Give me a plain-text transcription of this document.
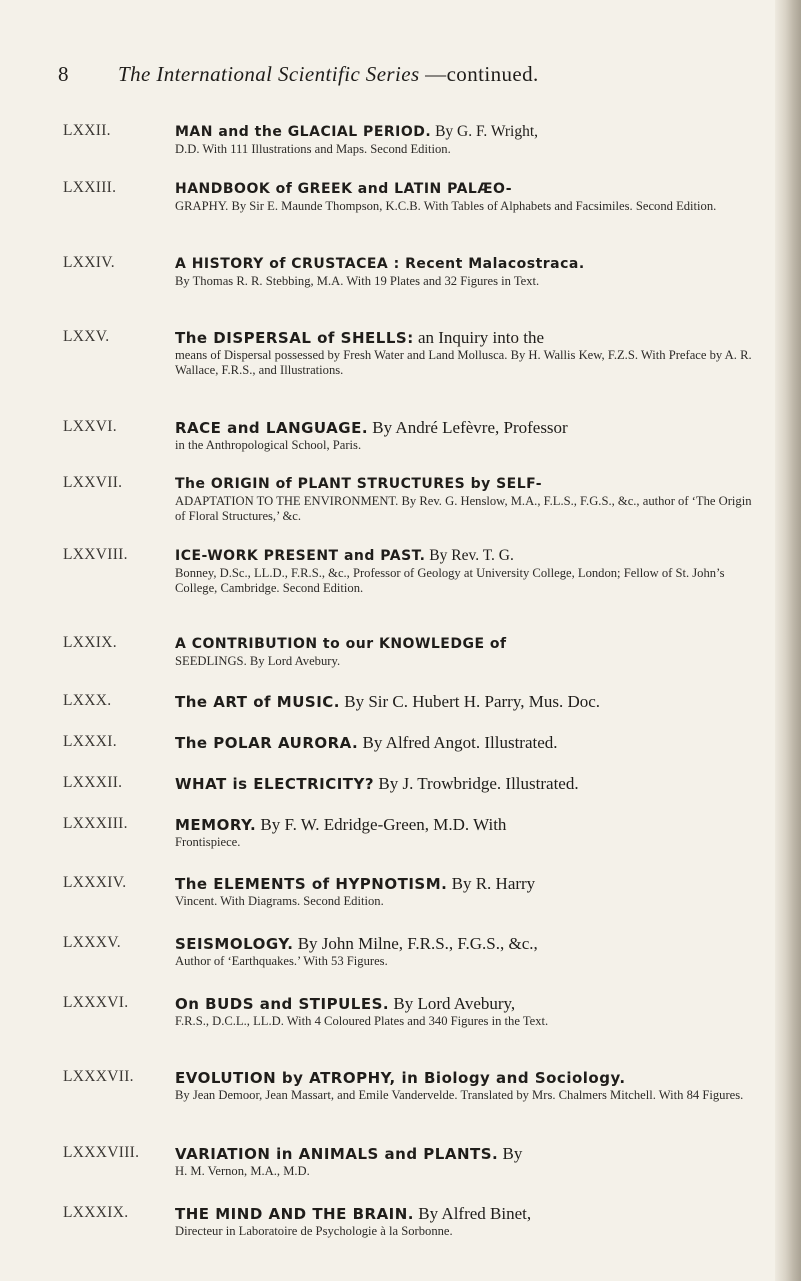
8 The International Scientific Series —continued.
LXXII.	MAN and the GLACIAL PERIOD. By G. F. Wright,
D.D. With 111 Illustrations and Maps. Second Edition.
LXXIII.	HANDBOOK of GREEK and LATIN PALÆO-
GRAPHY. By Sir E. Maunde Thompson, K.C.B. With Tables of Alphabets and Facsimiles. Second Edition.
LXXIV.	A HISTORY of CRUSTACEA : Recent Malacostraca.
By Thomas R. R. Stebbing, M.A. With 19 Plates and 32 Figures in Text.
LXXV.	The DISPERSAL of SHELLS: an Inquiry into the
means of Dispersal possessed by Fresh Water and Land Mollusca. By H. Wallis Kew, F.Z.S. With Preface by A. R. Wallace, F.R.S., and Illustrations.
LXXVI.	RACE and LANGUAGE. By André Lefèvre, Professor
in the Anthropological School, Paris.
LXXVII.	The ORIGIN of PLANT STRUCTURES by SELF-
ADAPTATION TO THE ENVIRONMENT. By Rev. G. Henslow, M.A., F.L.S., F.G.S., &c., author of ‘The Origin of Floral Structures,’ &c.
LXXVIII.	ICE-WORK PRESENT and PAST. By Rev. T. G.
Bonney, D.Sc., LL.D., F.R.S., &c., Professor of Geology at University College, London; Fellow of St. John’s College, Cambridge. Second Edition.
LXXIX.	A CONTRIBUTION to our KNOWLEDGE of
SEEDLINGS. By Lord Avebury.
LXXX.	The ART of MUSIC. By Sir C. Hubert H. Parry, Mus. Doc.
LXXXI.	The POLAR AURORA. By Alfred Angot. Illustrated.
LXXXII.	WHAT is ELECTRICITY? By J. Trowbridge. Illustrated.
LXXXIII.	MEMORY. By F. W. Edridge-Green, M.D. With
Frontispiece.
LXXXIV.	The ELEMENTS of HYPNOTISM. By R. Harry
Vincent. With Diagrams. Second Edition.
LXXXV.	SEISMOLOGY. By John Milne, F.R.S., F.G.S., &c.,
Author of ‘Earthquakes.’ With 53 Figures.
LXXXVI.	On BUDS and STIPULES. By Lord Avebury,
F.R.S., D.C.L., LL.D. With 4 Coloured Plates and 340 Figures in the Text.
LXXXVII.	EVOLUTION by ATROPHY, in Biology and Sociology.
By Jean Demoor, Jean Massart, and Emile Vandervelde. Translated by Mrs. Chalmers Mitchell. With 84 Figures.
LXXXVIII. VARIATION in ANIMALS and PLANTS. By
H. M. Vernon, M.A., M.D.
LXXXIX.	THE MIND AND THE BRAIN. By Alfred Binet,
Directeur in Laboratoire de Psychologie à la Sorbonne.
